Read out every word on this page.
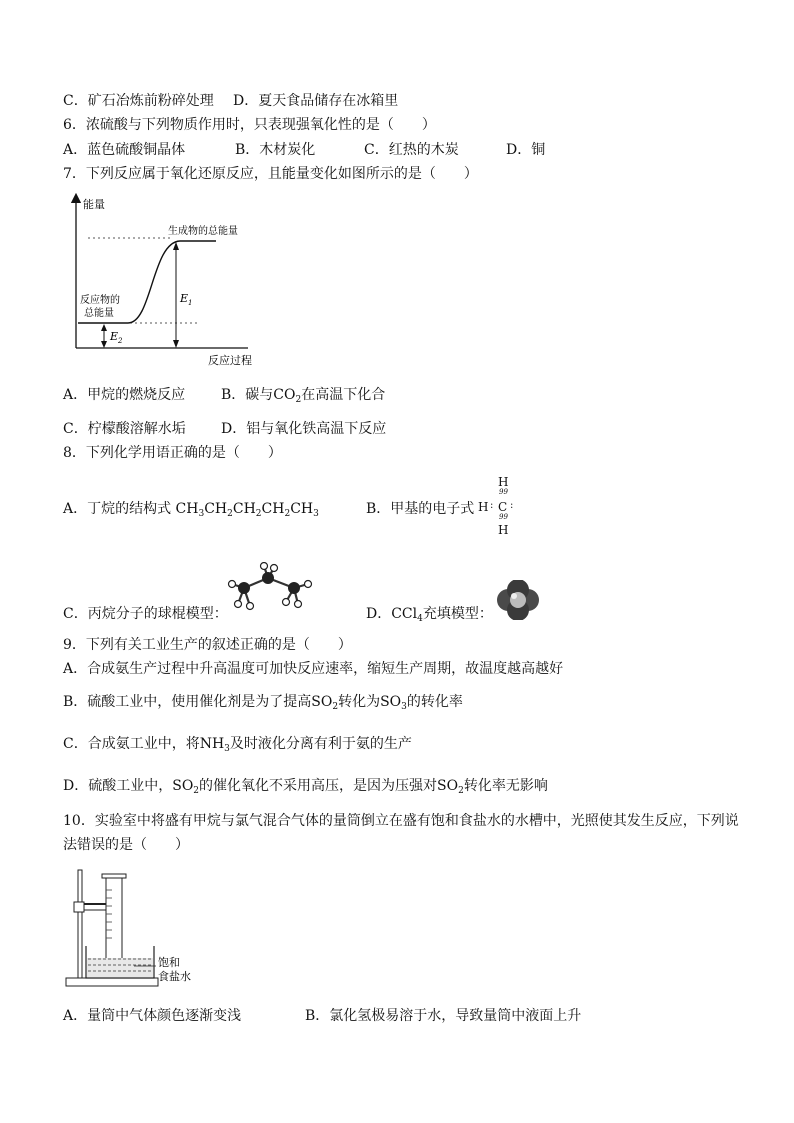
C．矿石冶炼前粉碎处理 D．夏天食品储存在冰箱里
6．浓硫酸与下列物质作用时，只表现强氧化性的是（　　）
A．蓝色硫酸铜晶体	B．木材炭化	C．红热的木炭	D．铜
7．下列反应属于氧化还原反应，且能量变化如图所示的是（　　）
能量
反应过程
$E_1$
$E_2$
生成物的总能量
反应物的
总能量
A．甲烷的燃烧反应	B．碳与$CO_2$在高温下化合
C．柠檬酸溶解水垢	D．铝与氧化铁高温下反应
8．下列化学用语正确的是（　　）
A．丁烷的结构式 $CH_3CH_2CH_2CH_2CH_3$	B．甲基的电子式
H
99
H : C :
99
H
C．丙烷分子的球棍模型：	D．CCl$_4$充填模型：
9．下列有关工业生产的叙述正确的是（　　）
A．合成氨生产过程中升高温度可加快反应速率，缩短生产周期，故温度越高越好
B．硫酸工业中，使用催化剂是为了提高$SO_2$转化为$SO_3$的转化率
C．合成氨工业中，将$NH_3$及时液化分离有利于氨的生产
D．硫酸工业中，$SO_2$的催化氧化不采用高压，是因为压强对$SO_2$转化率无影响
10．实验室中将盛有甲烷与氯气混合气体的量筒倒立在盛有饱和食盐水的水槽中，光照使其发生反应，下列说
法错误的是（　　）
饱和
食盐水
A．量筒中气体颜色逐渐变浅	B．氯化氢极易溶于水，导致量筒中液面上升
